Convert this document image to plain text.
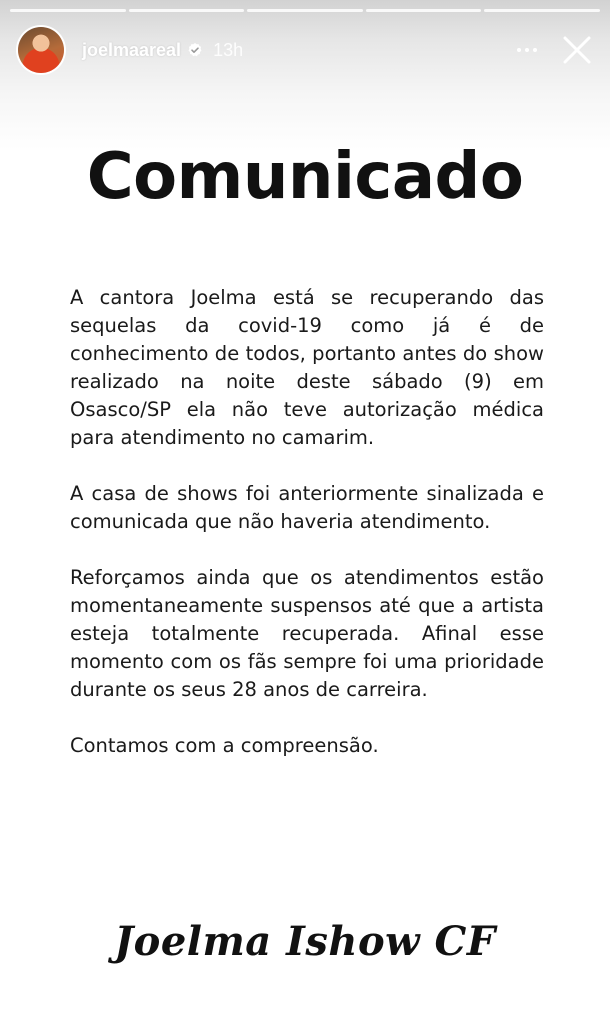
joelmaareal 13h
Comunicado

A cantora Joelma está se recuperando das sequelas da covid-19 como já é de conhecimento de todos, portanto antes do show realizado na noite deste sábado (9) em Osasco/SP ela não teve autorização médica para atendimento no camarim.

A casa de shows foi anteriormente sinalizada e comunicada que não haveria atendimento.

Reforçamos ainda que os atendimentos estão momentaneamente suspensos até que a artista esteja totalmente recuperada. Afinal esse momento com os fãs sempre foi uma prioridade durante os seus 28 anos de carreira.

Contamos com a compreensão.

Joelma Ishow CF
